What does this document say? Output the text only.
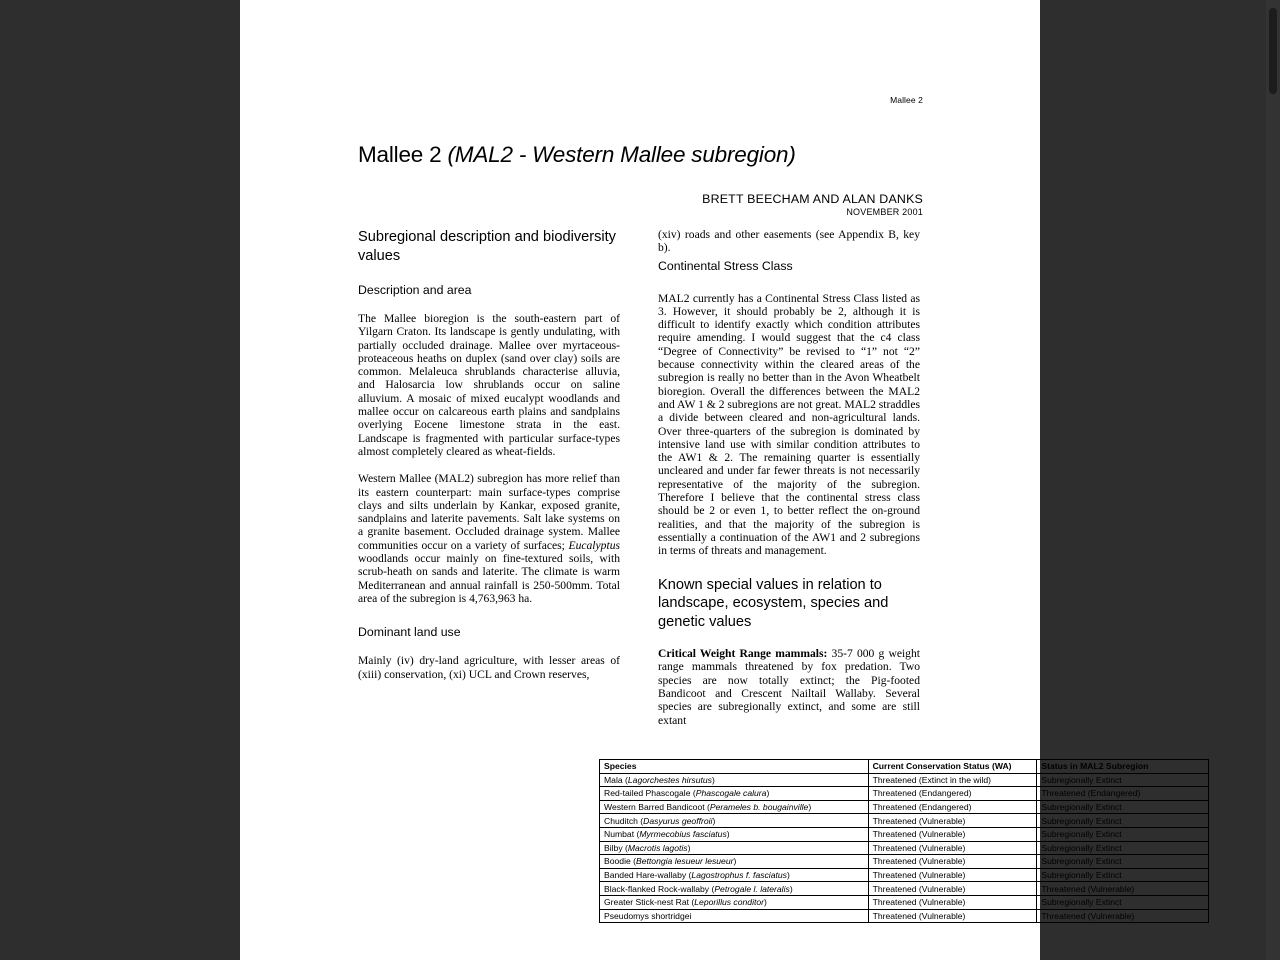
Mallee 2
Mallee 2 (MAL2 - Western Mallee subregion)
BRETT BEECHAM AND ALAN DANKS
NOVEMBER 2001
Subregional description and biodiversity values
Description and area

The Mallee bioregion is the south-eastern part of Yilgarn Craton. Its landscape is gently undulating, with partially occluded drainage. Mallee over myrtaceous-proteaceous heaths on duplex (sand over clay) soils are common. Melaleuca shrublands characterise alluvia, and Halosarcia low shrublands occur on saline alluvium. A mosaic of mixed eucalypt woodlands and mallee occur on calcareous earth plains and sandplains overlying Eocene limestone strata in the east. Landscape is fragmented with particular surface-types almost completely cleared as wheat-fields.

Western Mallee (MAL2) subregion has more relief than its eastern counterpart: main surface-types comprise clays and silts underlain by Kankar, exposed granite, sandplains and laterite pavements. Salt lake systems on a granite basement. Occluded drainage system. Mallee communities occur on a variety of surfaces; Eucalyptus woodlands occur mainly on fine-textured soils, with scrub-heath on sands and laterite. The climate is warm Mediterranean and annual rainfall is 250-500mm. Total area of the subregion is 4,763,963 ha.

Dominant land use

Mainly (iv) dry-land agriculture, with lesser areas of (xiii) conservation, (xi) UCL and Crown reserves,

(xiv) roads and other easements (see Appendix B, key b).

Continental Stress Class

MAL2 currently has a Continental Stress Class listed as 3. However, it should probably be 2, although it is difficult to identify exactly which condition attributes require amending. I would suggest that the c4 class “Degree of Connectivity” be revised to “1” not “2” because connectivity within the cleared areas of the subregion is really no better than in the Avon Wheatbelt bioregion. Overall the differences between the MAL2 and AW 1 & 2 subregions are not great. MAL2 straddles a divide between cleared and non-agricultural lands. Over three-quarters of the subregion is dominated by intensive land use with similar condition attributes to the AW1 & 2. The remaining quarter is essentially uncleared and under far fewer threats is not necessarily representative of the majority of the subregion. Therefore I believe that the continental stress class should be 2 or even 1, to better reflect the on-ground realities, and that the majority of the subregion is essentially a continuation of the AW1 and 2 subregions in terms of threats and management.

Known special values in relation to landscape, ecosystem, species and genetic values

Critical Weight Range mammals: 35-7 000 g weight range mammals threatened by fox predation. Two species are now totally extinct; the Pig-footed Bandicoot and Crescent Nailtail Wallaby. Several species are subregionally extinct, and some are still extant

Species	Current Conservation Status (WA)	Status in MAL2 Subregion
Mala (Lagorchestes hirsutus)	Threatened (Extinct in the wild)	Subregionally Extinct
Red-tailed Phascogale (Phascogale calura)	Threatened (Endangered)	Threatened (Endangered)
Western Barred Bandicoot (Perameles b. bougainville)	Threatened (Endangered)	Subregionally Extinct
Chuditch (Dasyurus geoffroii)	Threatened (Vulnerable)	Subregionally Extinct
Numbat (Myrmecobius fasciatus)	Threatened (Vulnerable)	Subregionally Extinct
Bilby (Macrotis lagotis)	Threatened (Vulnerable)	Subregionally Extinct
Boodie (Bettongia lesueur lesueur)	Threatened (Vulnerable)	Subregionally Extinct
Banded Hare-wallaby (Lagostrophus f. fasciatus)	Threatened (Vulnerable)	Subregionally Extinct
Black-flanked Rock-wallaby (Petrogale l. lateralis)	Threatened (Vulnerable)	Threatened (Vulnerable)
Greater Stick-nest Rat (Leporillus conditor)	Threatened (Vulnerable)	Subregionally Extinct
Pseudomys shortridgei	Threatened (Vulnerable)	Threatened (Vulnerable)
